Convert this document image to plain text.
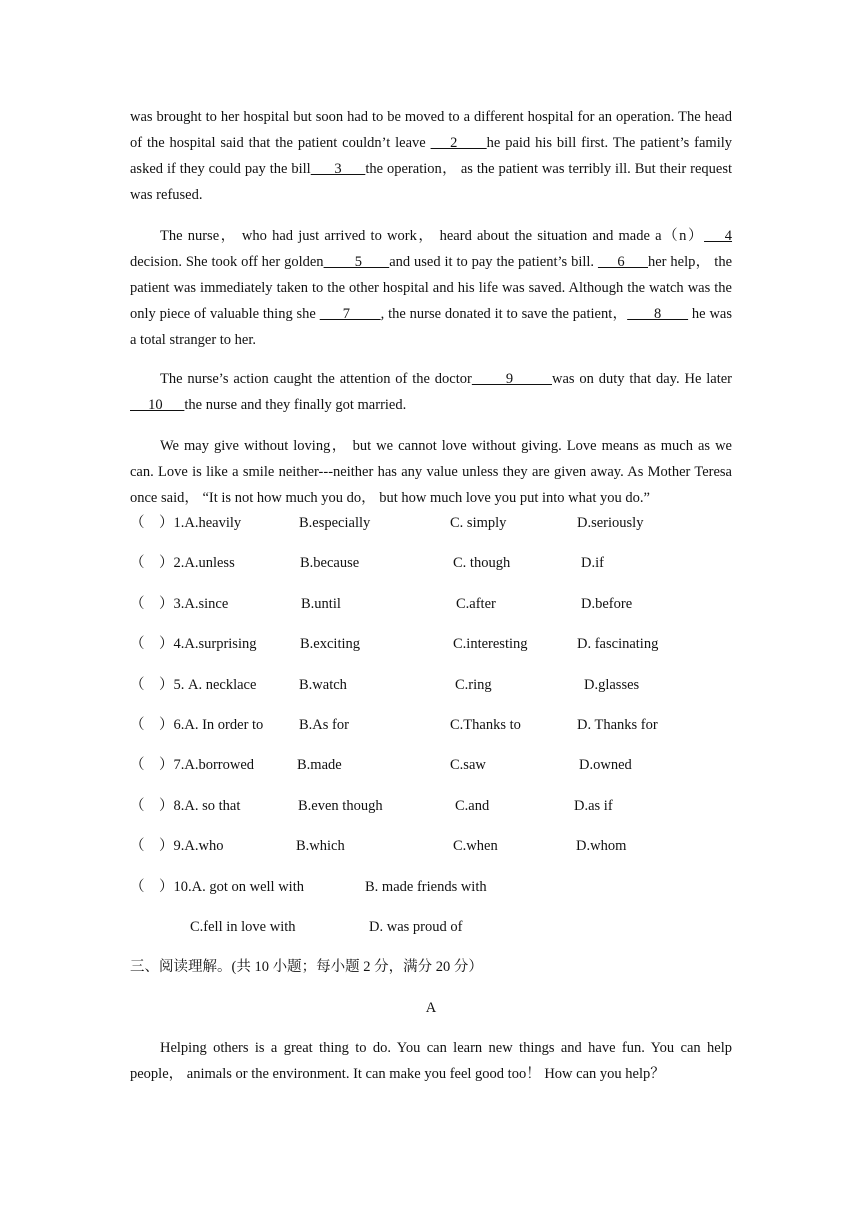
was brought to her hospital but soon had to be moved to a different hospital for an operation. The head of the hospital said that the patient couldn’t leave     2      he paid his bill first. The patient’s family asked if they could pay the bill      3      the operation， as the patient was terribly ill. But their request was refused.

The nurse， who had just arrived to work， heard about the situation and made a（n）    4 decision. She took off her golden        5       and used it to pay the patient’s bill.      6      her help， the patient was immediately taken to the other hospital and his life was saved. Although the watch was the only piece of valuable thing she       7        , the nurse donated it to save the patient，       8        he was a total stranger to her.

The nurse’s action caught the attention of the doctor       9        was on duty that day. He later     10      the nurse and they finally got married.

We may give without loving， but we cannot love without giving. Love means as much as we can. Love is like a smile neither---neither has any value unless they are given away. As Mother Teresa once said， “It is not how much you do， but how much love you put into what you do.”

（    ）1.A.heavily

	B.especially

	C. simply

	D.seriously

（    ）2.A.unless

	B.because

	C. though

	D.if

（    ）3.A.since

	B.until

	C.after

	D.before

（    ）4.A.surprising

	B.exciting

	C.interesting

	D. fascinating

（    ）5. A. necklace

	B.watch

	C.ring

	D.glasses

（    ）6.A. In order to

B.As for

	C.Thanks to

	D. Thanks for

（    ）7.A.borrowed

	B.made

	C.saw

	D.owned

（    ）8.A. so that

	B.even though

	C.and

	D.as if

（    ）9.A.who

	B.which

	C.when

	D.whom

（    ）10.A. got on well with

	B. made friends with

C.fell in love with

	D. was proud of

三、阅读理解。(共 10 小题；每小题 2 分，满分 20 分）

A

Helping others is a great thing to do. You can learn new things and have fun. You can help people， animals or the environment. It can make you feel good too！ How can you help？
